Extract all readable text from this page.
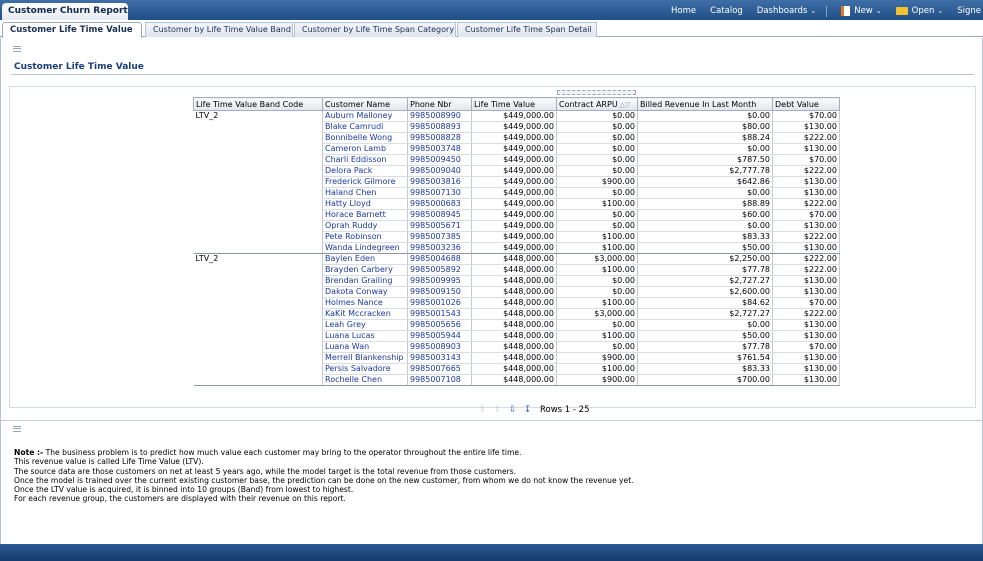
Customer Churn Report	Home Catalog Dashboards ⌄	New ⌄	Open ⌄ Signe
Customer Life Time Value	Customer by Life Time Value Band	Customer by Life Time Span Category	Customer Life Time Span Detail
Customer Life Time Value
Life Time Value Band Code	Customer Name	Phone Nbr	Life Time Value	Contract ARPU △▽	Billed Revenue In Last Month	Debt Value
LTV_2	Auburn Malloney	9985008990	$449,000.00	$0.00	$0.00	$70.00
	Blake Camrudi	9985008893	$449,000.00	$0.00	$80.00	$130.00
	Bonnibelle Wong	9985008828	$449,000.00	$0.00	$88.24	$222.00
	Cameron Lamb	9985003748	$449,000.00	$0.00	$0.00	$130.00
	Charli Eddisson	9985009450	$449,000.00	$0.00	$787.50	$70.00
	Delora Pack	9985009040	$449,000.00	$0.00	$2,777.78	$222.00
	Frederick Gilmore	9985003816	$449,000.00	$900.00	$642.86	$130.00
	Haland Chen	9985007130	$449,000.00	$0.00	$0.00	$130.00
	Hatty Lloyd	9985000683	$449,000.00	$100.00	$88.89	$222.00
	Horace Barnett	9985008945	$449,000.00	$0.00	$60.00	$70.00
	Oprah Ruddy	9985005671	$449,000.00	$0.00	$0.00	$130.00
	Pete Robinson	9985007385	$449,000.00	$100.00	$83.33	$222.00
	Wanda Lindegreen	9985003236	$449,000.00	$100.00	$50.00	$130.00
LTV_2	Baylen Eden	9985004688	$448,000.00	$3,000.00	$2,250.00	$222.00
	Brayden Carbery	9985005892	$448,000.00	$100.00	$77.78	$222.00
	Brendan Grailing	9985009995	$448,000.00	$0.00	$2,727.27	$130.00
	Dakota Conway	9985009150	$448,000.00	$0.00	$2,600.00	$130.00
	Holmes Nance	9985001026	$448,000.00	$100.00	$84.62	$70.00
	KaKit Mccracken	9985001543	$448,000.00	$3,000.00	$2,727.27	$222.00
	Leah Grey	9985005656	$448,000.00	$0.00	$0.00	$130.00
	Luana Lucas	9985005944	$448,000.00	$100.00	$50.00	$130.00
	Luana Wan	9985008903	$448,000.00	$0.00	$77.78	$70.00
	Merrell Blankenship	9985003143	$448,000.00	$900.00	$761.54	$130.00
	Persis Salvadore	9985007665	$448,000.00	$100.00	$83.33	$130.00
	Rochelle Chen	9985007108	$448,000.00	$900.00	$700.00	$130.00
⇧ ⇧ ⇩ ↧ Rows 1 - 25
Note :- The business problem is to predict how much value each customer may bring to the operator throughout the entire life time.
This revenue value is called Life Time Value (LTV).
The source data are those customers on net at least 5 years ago, while the model target is the total revenue from those customers.
Once the model is trained over the current existing customer base, the prediction can be done on the new customer, from whom we do not know the revenue yet.
Once the LTV value is acquired, it is binned into 10 groups (Band) from lowest to highest.
For each revenue group, the customers are displayed with their revenue on this report.
